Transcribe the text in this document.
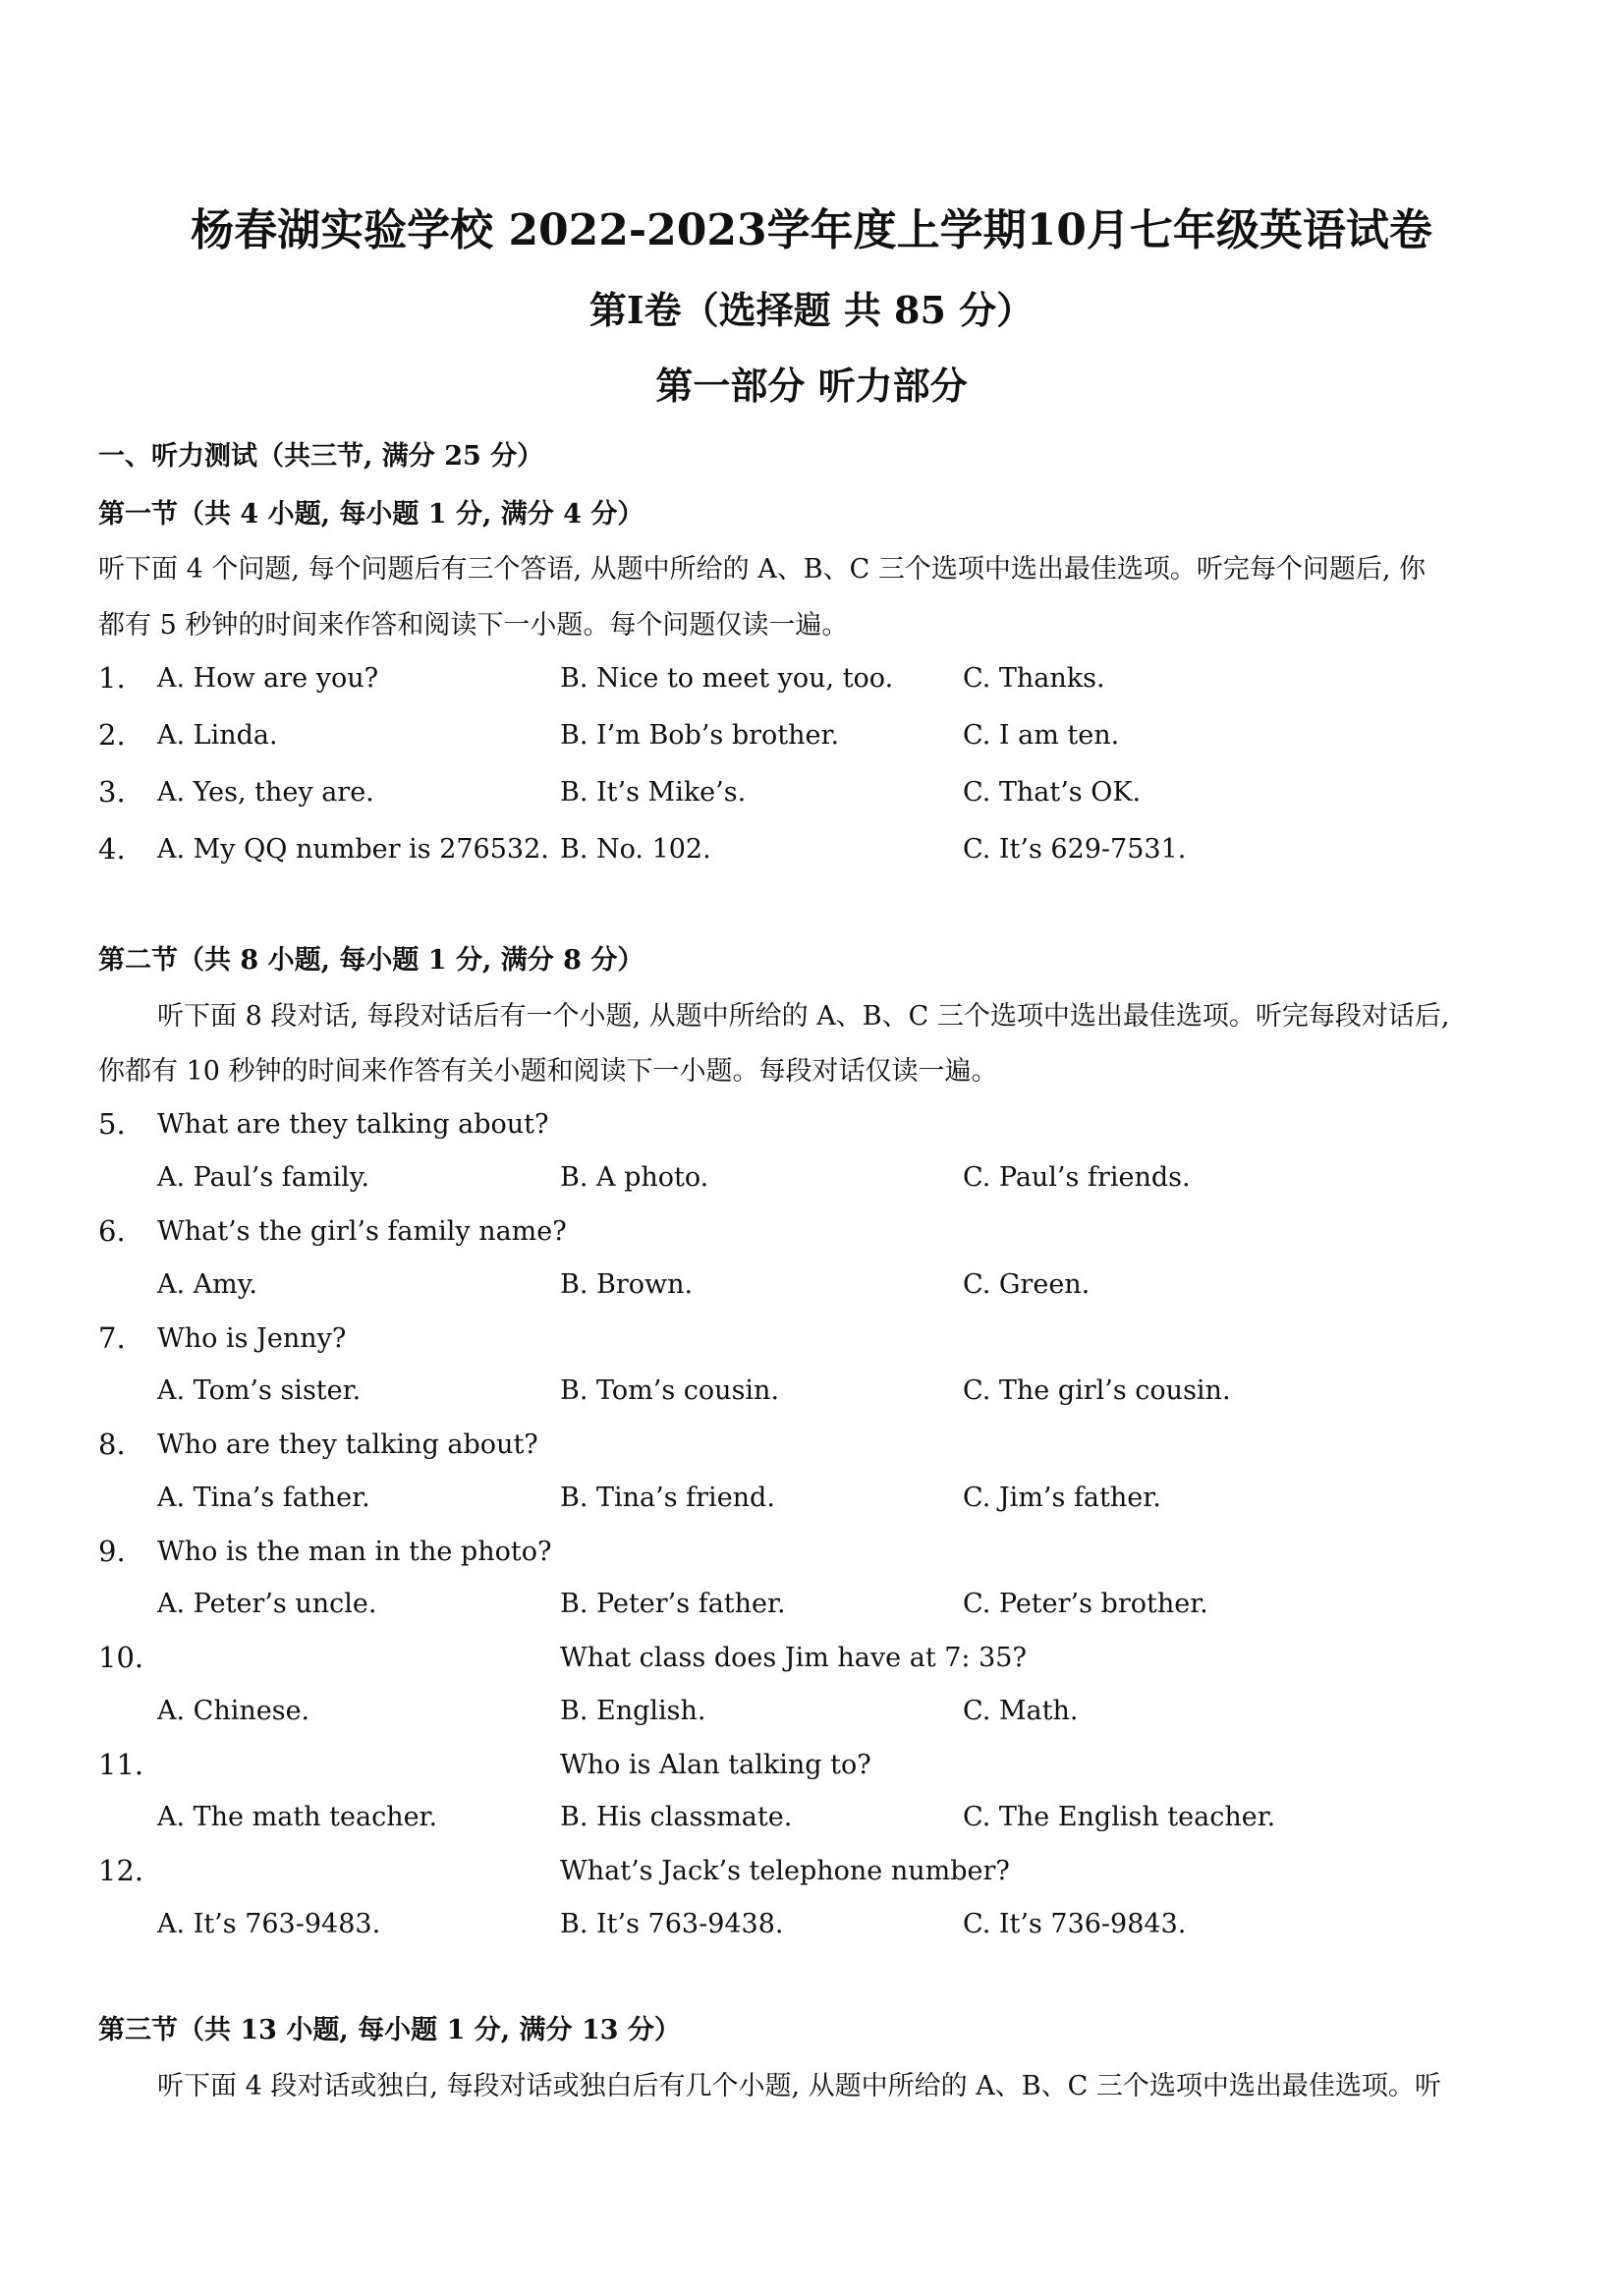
杨春湖实验学校 2022-2023学年度上学期10月七年级英语试卷
第Ⅰ卷（选择题 共 85 分）
第一部分 听力部分
一、听力测试（共三节, 满分 25 分）
第一节（共 4 小题, 每小题 1 分, 满分 4 分）
听下面 4 个问题, 每个问题后有三个答语, 从题中所给的 A、B、C 三个选项中选出最佳选项。听完每个问题后, 你
都有 5 秒钟的时间来作答和阅读下一小题。每个问题仅读一遍。
1. A. How are you?	B. Nice to meet you, too.	C. Thanks.
2. A. Linda.	B. I’m Bob’s brother.	C. I am ten.
3. A. Yes, they are.	B. It’s Mike’s.	C. That’s OK.
4. A. My QQ number is 276532. B. No. 102.	C. It’s 629-7531.
第二节（共 8 小题, 每小题 1 分, 满分 8 分）
听下面 8 段对话, 每段对话后有一个小题, 从题中所给的 A、B、C 三个选项中选出最佳选项。听完每段对话后,
你都有 10 秒钟的时间来作答有关小题和阅读下一小题。每段对话仅读一遍。
5. What are they talking about?
A. Paul’s family.	B. A photo.	C. Paul’s friends.
6. What’s the girl’s family name?
A. Amy.	B. Brown.	C. Green.
7. Who is Jenny?
A. Tom’s sister.	B. Tom’s cousin.	C. The girl’s cousin.
8. Who are they talking about?
A. Tina’s father.	B. Tina’s friend.	C. Jim’s father.
9. Who is the man in the photo?
A. Peter’s uncle.	B. Peter’s father.	C. Peter’s brother.
10.	What class does Jim have at 7: 35?
A. Chinese.	B. English.	C. Math.
11.	Who is Alan talking to?
A. The math teacher.	B. His classmate.	C. The English teacher.
12.	What’s Jack’s telephone number?
A. It’s 763-9483.	B. It’s 763-9438.	C. It’s 736-9843.
第三节（共 13 小题, 每小题 1 分, 满分 13 分）
听下面 4 段对话或独白, 每段对话或独白后有几个小题, 从题中所给的 A、B、C 三个选项中选出最佳选项。听
